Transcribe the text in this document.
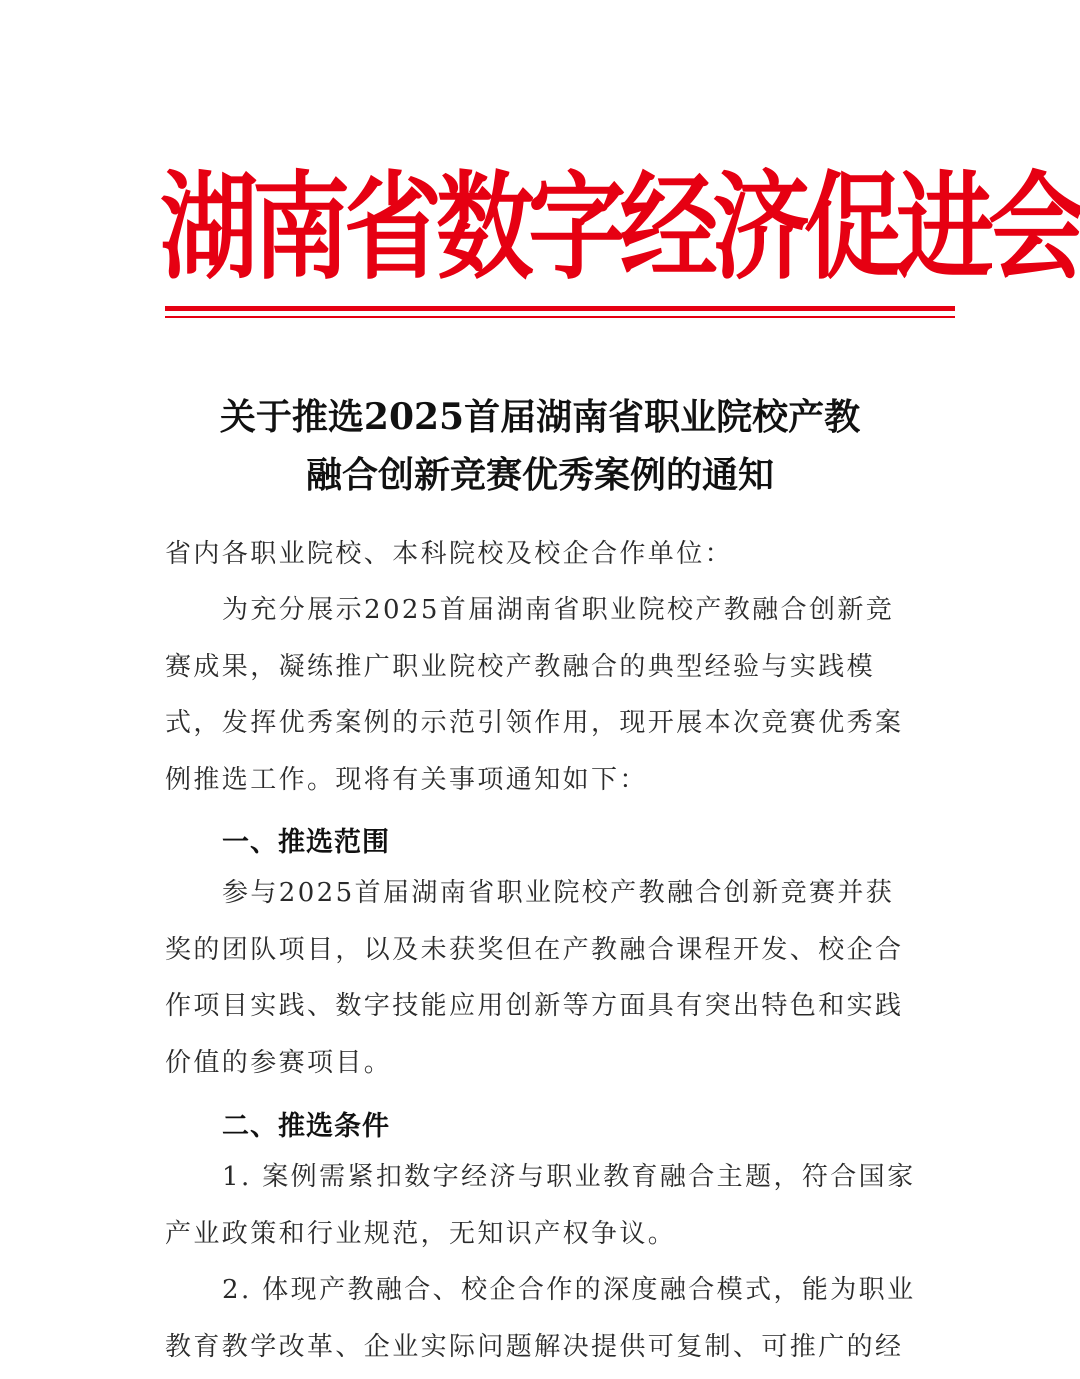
湖南省数字经济促进会
关于推选2025首届湖南省职业院校产教
融合创新竞赛优秀案例的通知
省内各职业院校、本科院校及校企合作单位：
为充分展示2025首届湖南省职业院校产教融合创新竞
赛成果，凝练推广职业院校产教融合的典型经验与实践模
式，发挥优秀案例的示范引领作用，现开展本次竞赛优秀案
例推选工作。现将有关事项通知如下：
一、推选范围
参与2025首届湖南省职业院校产教融合创新竞赛并获
奖的团队项目，以及未获奖但在产教融合课程开发、校企合
作项目实践、数字技能应用创新等方面具有突出特色和实践
价值的参赛项目。
二、推选条件
1. 案例需紧扣数字经济与职业教育融合主题，符合国家
产业政策和行业规范，无知识产权争议。
2. 体现产教融合、校企合作的深度融合模式，能为职业
教育教学改革、企业实际问题解决提供可复制、可推广的经
